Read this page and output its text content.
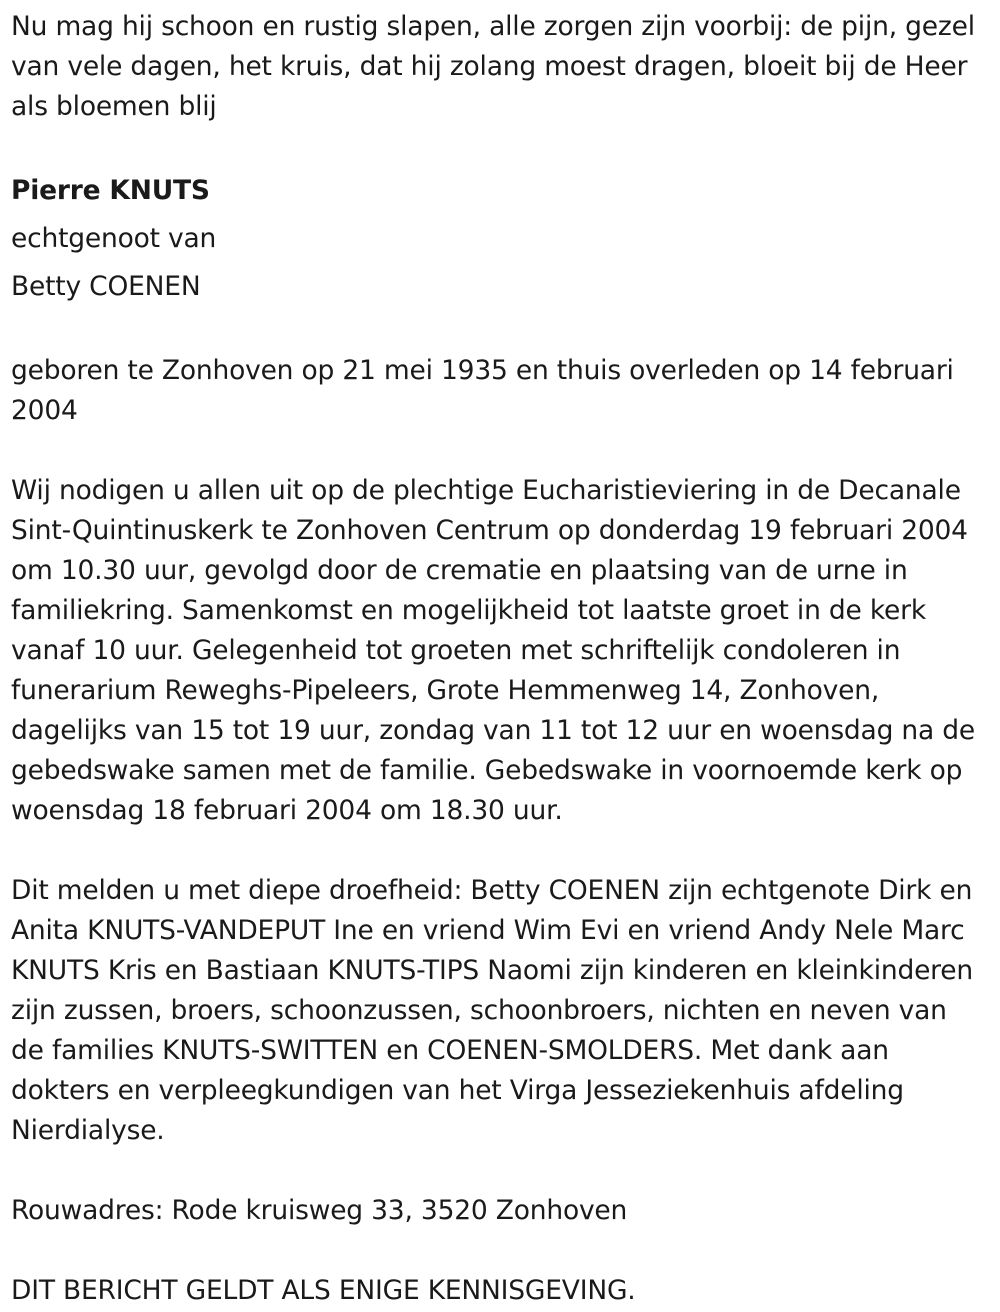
Nu mag hij schoon en rustig slapen, alle zorgen zijn voorbij: de pijn, gezel van vele dagen, het kruis, dat hij zolang moest dragen, bloeit bij de Heer als bloemen blij

Pierre KNUTS

echtgenoot van

Betty COENEN

geboren te Zonhoven op 21 mei 1935 en thuis overleden op 14 februari 2004

Wij nodigen u allen uit op de plechtige Eucharistieviering in de Decanale Sint-Quintinuskerk te Zonhoven Centrum op donderdag 19 februari 2004 om 10.30 uur, gevolgd door de crematie en plaatsing van de urne in familiekring. Samenkomst en mogelijkheid tot laatste groet in de kerk vanaf 10 uur. Gelegenheid tot groeten met schriftelijk condoleren in funerarium Reweghs-Pipeleers, Grote Hemmenweg 14, Zonhoven, dagelijks van 15 tot 19 uur, zondag van 11 tot 12 uur en woensdag na de gebedswake samen met de familie. Gebedswake in voornoemde kerk op woensdag 18 februari 2004 om 18.30 uur.

Dit melden u met diepe droefheid: Betty COENEN zijn echtgenote Dirk en Anita KNUTS-VANDEPUT Ine en vriend Wim Evi en vriend Andy Nele Marc KNUTS Kris en Bastiaan KNUTS-TIPS Naomi zijn kinderen en kleinkinderen zijn zussen, broers, schoonzussen, schoonbroers, nichten en neven van de families KNUTS-SWITTEN en COENEN-SMOLDERS. Met dank aan dokters en verpleegkundigen van het Virga Jesseziekenhuis afdeling Nierdialyse.

Rouwadres: Rode kruisweg 33, 3520 Zonhoven

DIT BERICHT GELDT ALS ENIGE KENNISGEVING.
